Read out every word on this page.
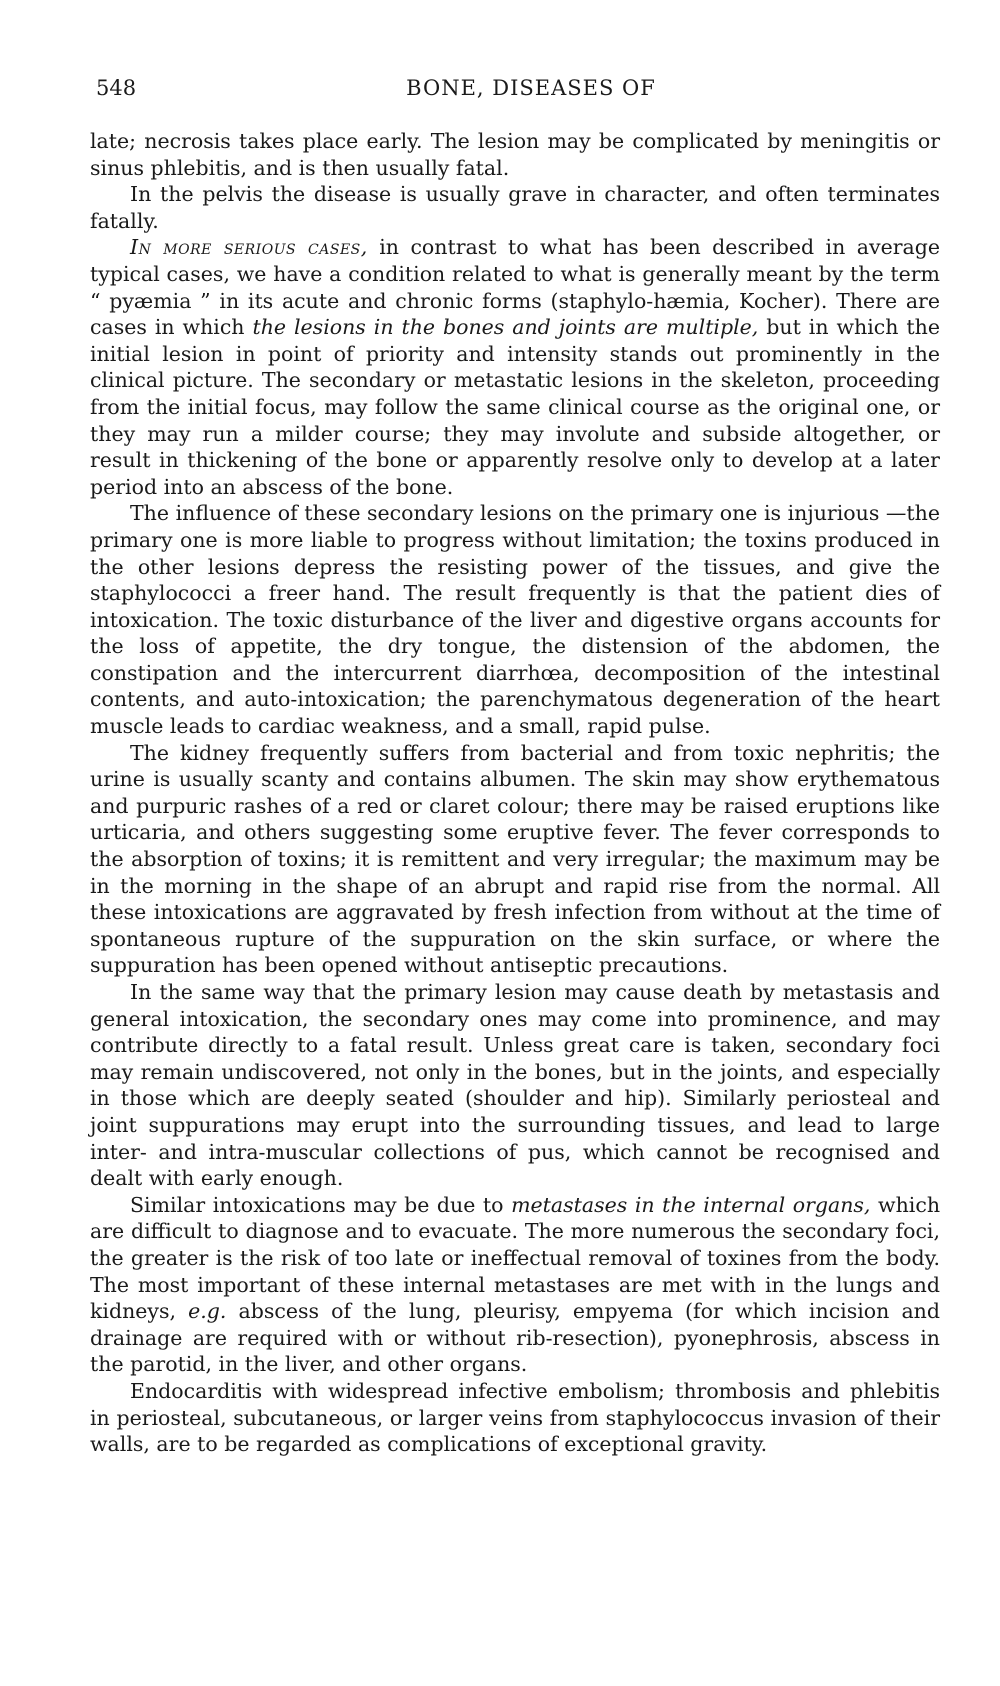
548	BONE, DISEASES OF

late; necrosis takes place early. The lesion may be complicated by meningitis or sinus phlebitis, and is then usually fatal.

In the pelvis the disease is usually grave in character, and often terminates fatally.

In more serious cases, in contrast to what has been described in average typical cases, we have a condition related to what is generally meant by the term “ pyæmia ” in its acute and chronic forms (staphylo-hæmia, Kocher). There are cases in which the lesions in the bones and joints are multiple, but in which the initial lesion in point of priority and intensity stands out prominently in the clinical picture. The secondary or metastatic lesions in the skeleton, proceeding from the initial focus, may follow the same clinical course as the original one, or they may run a milder course; they may involute and subside altogether, or result in thickening of the bone or apparently resolve only to develop at a later period into an abscess of the bone.

The influence of these secondary lesions on the primary one is injurious —the primary one is more liable to progress without limitation; the toxins produced in the other lesions depress the resisting power of the tissues, and give the staphylococci a freer hand. The result frequently is that the patient dies of intoxication. The toxic disturbance of the liver and digestive organs accounts for the loss of appetite, the dry tongue, the distension of the abdomen, the constipation and the intercurrent diarrhœa, decomposition of the intestinal contents, and auto-intoxication; the parenchymatous degeneration of the heart muscle leads to cardiac weakness, and a small, rapid pulse.

The kidney frequently suffers from bacterial and from toxic nephritis; the urine is usually scanty and contains albumen. The skin may show erythematous and purpuric rashes of a red or claret colour; there may be raised eruptions like urticaria, and others suggesting some eruptive fever. The fever corresponds to the absorption of toxins; it is remittent and very irregular; the maximum may be in the morning in the shape of an abrupt and rapid rise from the normal. All these intoxications are aggravated by fresh infection from without at the time of spontaneous rupture of the suppuration on the skin surface, or where the suppuration has been opened without antiseptic precautions.

In the same way that the primary lesion may cause death by metastasis and general intoxication, the secondary ones may come into prominence, and may contribute directly to a fatal result. Unless great care is taken, secondary foci may remain undiscovered, not only in the bones, but in the joints, and especially in those which are deeply seated (shoulder and hip). Similarly periosteal and joint suppurations may erupt into the surrounding tissues, and lead to large inter- and intra-muscular collections of pus, which cannot be recognised and dealt with early enough.

Similar intoxications may be due to metastases in the internal organs, which are difficult to diagnose and to evacuate. The more numerous the secondary foci, the greater is the risk of too late or ineffectual removal of toxines from the body. The most important of these internal metastases are met with in the lungs and kidneys, e.g. abscess of the lung, pleurisy, empyema (for which incision and drainage are required with or without rib-resection), pyonephrosis, abscess in the parotid, in the liver, and other organs.

Endocarditis with widespread infective embolism; thrombosis and phlebitis in periosteal, subcutaneous, or larger veins from staphylococcus invasion of their walls, are to be regarded as complications of exceptional gravity.
